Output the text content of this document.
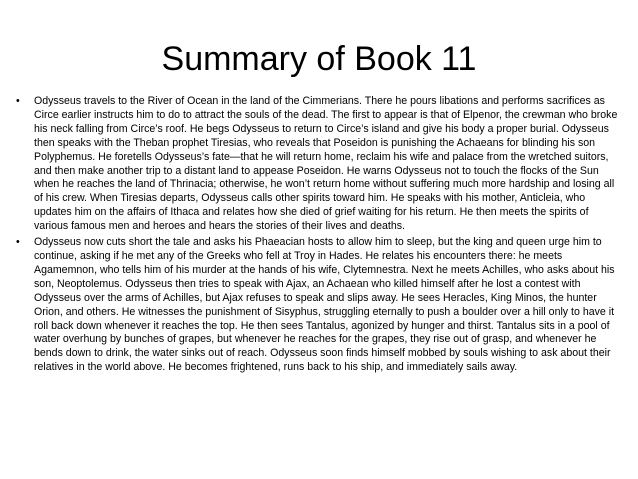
Summary of Book 11
• Odysseus travels to the River of Ocean in the land of the Cimmerians. There he pours libations and performs sacrifices as Circe earlier instructs him to do to attract the souls of the dead. The first to appear is that of Elpenor, the crewman who broke his neck falling from Circe’s roof. He begs Odysseus to return to Circe’s island and give his body a proper burial. Odysseus then speaks with the Theban prophet Tiresias, who reveals that Poseidon is punishing the Achaeans for blinding his son Polyphemus. He foretells Odysseus’s fate—that he will return home, reclaim his wife and palace from the wretched suitors, and then make another trip to a distant land to appease Poseidon. He warns Odysseus not to touch the flocks of the Sun when he reaches the land of Thrinacia; otherwise, he won’t return home without suffering much more hardship and losing all of his crew. When Tiresias departs, Odysseus calls other spirits toward him. He speaks with his mother, Anticleia, who updates him on the affairs of Ithaca and relates how she died of grief waiting for his return. He then meets the spirits of various famous men and heroes and hears the stories of their lives and deaths.
• Odysseus now cuts short the tale and asks his Phaeacian hosts to allow him to sleep, but the king and queen urge him to continue, asking if he met any of the Greeks who fell at Troy in Hades. He relates his encounters there: he meets Agamemnon, who tells him of his murder at the hands of his wife, Clytemnestra. Next he meets Achilles, who asks about his son, Neoptolemus. Odysseus then tries to speak with Ajax, an Achaean who killed himself after he lost a contest with Odysseus over the arms of Achilles, but Ajax refuses to speak and slips away. He sees Heracles, King Minos, the hunter Orion, and others. He witnesses the punishment of Sisyphus, struggling eternally to push a boulder over a hill only to have it roll back down whenever it reaches the top. He then sees Tantalus, agonized by hunger and thirst. Tantalus sits in a pool of water overhung by bunches of grapes, but whenever he reaches for the grapes, they rise out of grasp, and whenever he bends down to drink, the water sinks out of reach. Odysseus soon finds himself mobbed by souls wishing to ask about their relatives in the world above. He becomes frightened, runs back to his ship, and immediately sails away.
